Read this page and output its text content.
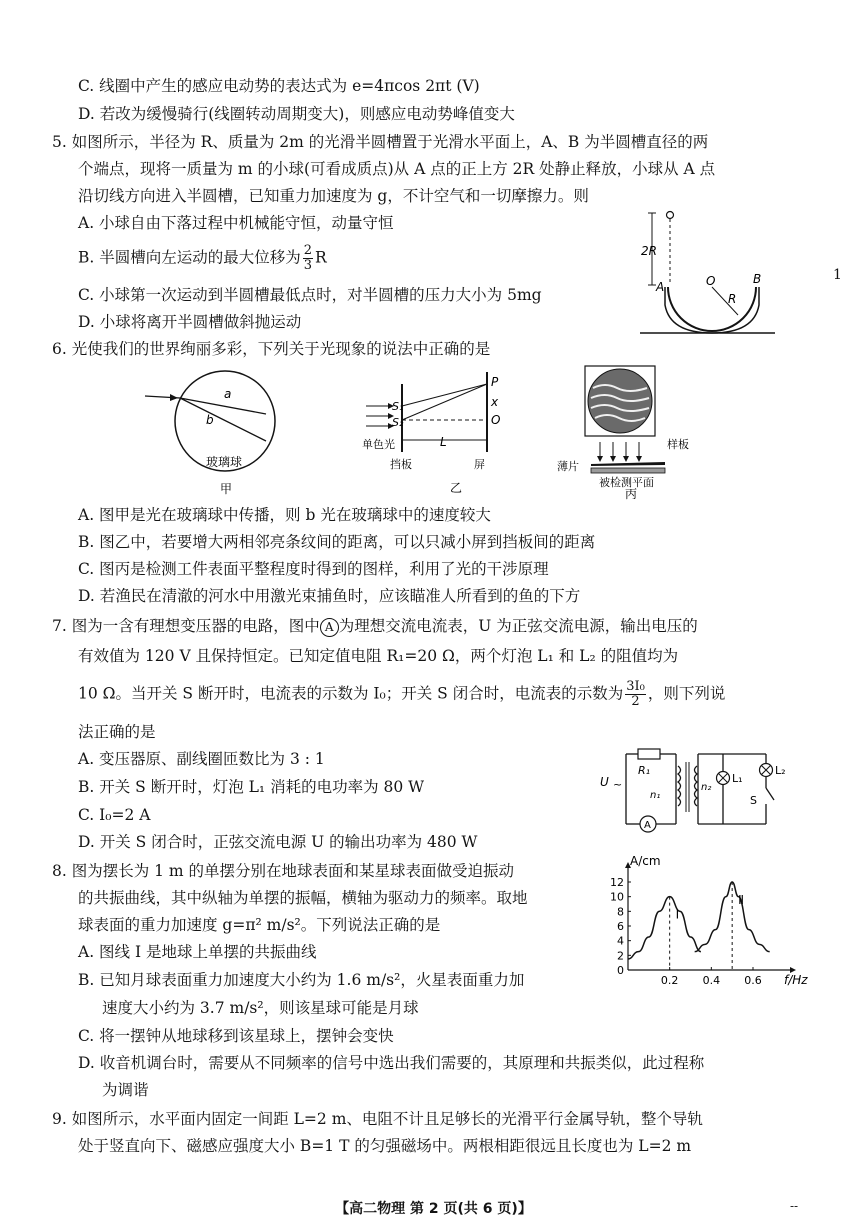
C. 线圈中产生的感应电动势的表达式为 e=4πcos 2πt (V)
D. 若改为缓慢骑行(线圈转动周期变大)，则感应电动势峰值变大
5. 如图所示，半径为 R、质量为 2m 的光滑半圆槽置于光滑水平面上，A、B 为半圆槽直径的两
个端点，现将一质量为 m 的小球(可看成质点)从 A 点的正上方 2R 处静止释放，小球从 A 点
沿切线方向进入半圆槽，已知重力加速度为 g，不计空气和一切摩擦力。则
A. 小球自由下落过程中机械能守恒，动量守恒
B. 半圆槽向左运动的最大位移为 $\frac{2}{3}$ R
C. 小球第一次运动到半圆槽最低点时，对半圆槽的压力大小为 5mg
D. 小球将离开半圆槽做斜抛运动
2R
O
R
A
B	1
6. 光使我们的世界绚丽多彩，下列关于光现象的说法中正确的是
a
b
玻璃球
甲
S₁
S₂
P
x
O
L
单色光
挡板	屏
乙
样板
薄片
被检测平面
丙
A. 图甲是光在玻璃球中传播，则 b 光在玻璃球中的速度较大
B. 图乙中，若要增大两相邻亮条纹间的距离，可以只减小屏到挡板间的距离
C. 图丙是检测工件表面平整程度时得到的图样，利用了光的干涉原理
D. 若渔民在清澈的河水中用激光束捕鱼时，应该瞄准人所看到的鱼的下方
7. 图为一含有理想变压器的电路，图中 A 为理想交流电流表，U 为正弦交流电源，输出电压的
有效值为 120 V 且保持恒定。已知定值电阻 R₁=20 Ω，两个灯泡 L₁ 和 L₂ 的阻值均为
10 Ω。当开关 S 断开时，电流表的示数为 I₀；开关 S 闭合时，电流表的示数为 $\frac{\text{3I₀}}{2}$ ，则下列说
法正确的是
A. 变压器原、副线圈匝数比为 3 : 1
B. 开关 S 断开时，灯泡 L₁ 消耗的电功率为 80 W
C. I₀=2 A
D. 开关 S 闭合时，正弦交流电源 U 的输出功率为 480 W
A
U ~
R₁
n₁
n₂
L₁
L₂
S
8. 图为摆长为 1 m 的单摆分别在地球表面和某星球表面做受迫振动
的共振曲线，其中纵轴为单摆的振幅，横轴为驱动力的频率。取地
球表面的重力加速度 g=π² m/s²。下列说法正确的是
A. 图线 Ⅰ 是地球上单摆的共振曲线
B. 已知月球表面重力加速度大小约为 1.6 m/s²，火星表面重力加
速度大小约为 3.7 m/s²，则该星球可能是月球
C. 将一摆钟从地球移到该星球上，摆钟会变快
D. 收音机调台时，需要从不同频率的信号中选出我们需要的，其原理和共振类似，此过程称
为调谐
0
2
4
6
8
10
12
0.2 0.4 0.6
A/cm
f/Hz
Ⅰ
Ⅱ
9. 如图所示，水平面内固定一间距 L=2 m、电阻不计且足够长的光滑平行金属导轨，整个导轨
处于竖直向下、磁感应强度大小 B=1 T 的匀强磁场中。两根相距很远且长度也为 L=2 m
【高二物理 第 2 页(共 6 页)】	--
